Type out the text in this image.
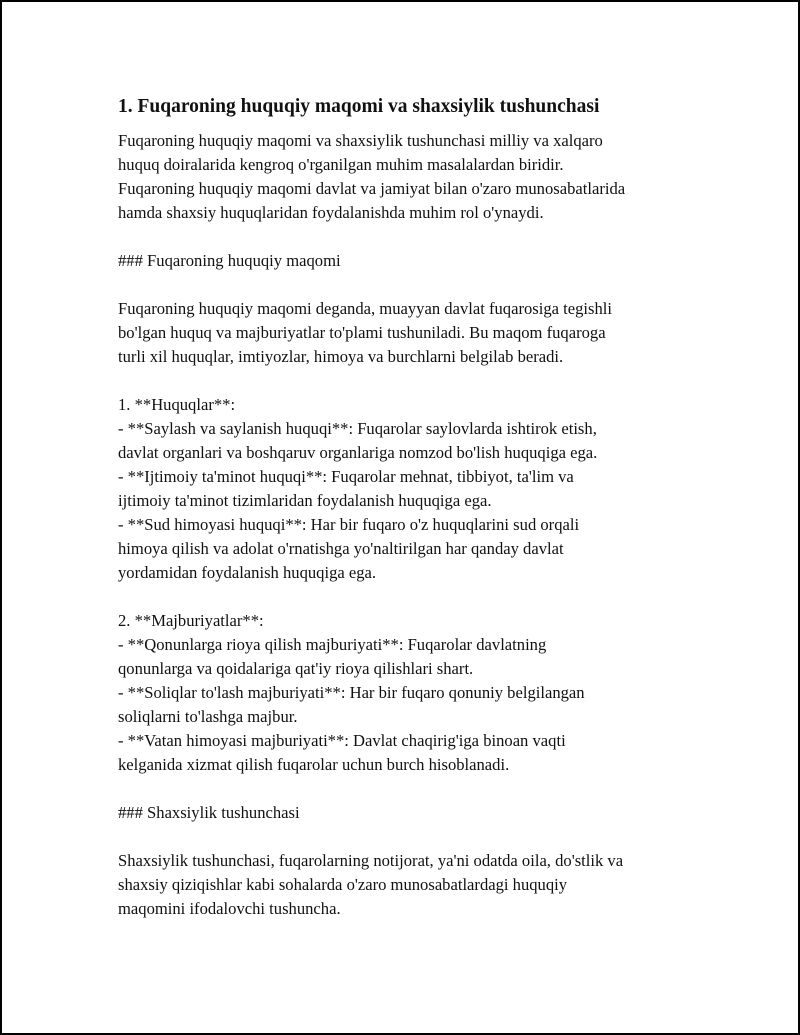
1. Fuqaroning huquqiy maqomi va shaxsiylik tushunchasi

Fuqaroning huquqiy maqomi va shaxsiylik tushunchasi milliy va xalqaro
huquq doiralarida kengroq o'rganilgan muhim masalalardan biridir.
Fuqaroning huquqiy maqomi davlat va jamiyat bilan o'zaro munosabatlarida
hamda shaxsiy huquqlaridan foydalanishda muhim rol o'ynaydi.

### Fuqaroning huquqiy maqomi

Fuqaroning huquqiy maqomi deganda, muayyan davlat fuqarosiga tegishli
bo'lgan huquq va majburiyatlar to'plami tushuniladi. Bu maqom fuqaroga
turli xil huquqlar, imtiyozlar, himoya va burchlarni belgilab beradi.

1. **Huquqlar**:
- **Saylash va saylanish huquqi**: Fuqarolar saylovlarda ishtirok etish,
davlat organlari va boshqaruv organlariga nomzod bo'lish huquqiga ega.
- **Ijtimoiy ta'minot huquqi**: Fuqarolar mehnat, tibbiyot, ta'lim va
ijtimoiy ta'minot tizimlaridan foydalanish huquqiga ega.
- **Sud himoyasi huquqi**: Har bir fuqaro o'z huquqlarini sud orqali
himoya qilish va adolat o'rnatishga yo'naltirilgan har qanday davlat
yordamidan foydalanish huquqiga ega.

2. **Majburiyatlar**:
- **Qonunlarga rioya qilish majburiyati**: Fuqarolar davlatning
qonunlarga va qoidalariga qat'iy rioya qilishlari shart.
- **Soliqlar to'lash majburiyati**: Har bir fuqaro qonuniy belgilangan
soliqlarni to'lashga majbur.
- **Vatan himoyasi majburiyati**: Davlat chaqirig'iga binoan vaqti
kelganida xizmat qilish fuqarolar uchun burch hisoblanadi.

### Shaxsiylik tushunchasi

Shaxsiylik tushunchasi, fuqarolarning notijorat, ya'ni odatda oila, do'stlik va
shaxsiy qiziqishlar kabi sohalarda o'zaro munosabatlardagi huquqiy
maqomini ifodalovchi tushuncha.
